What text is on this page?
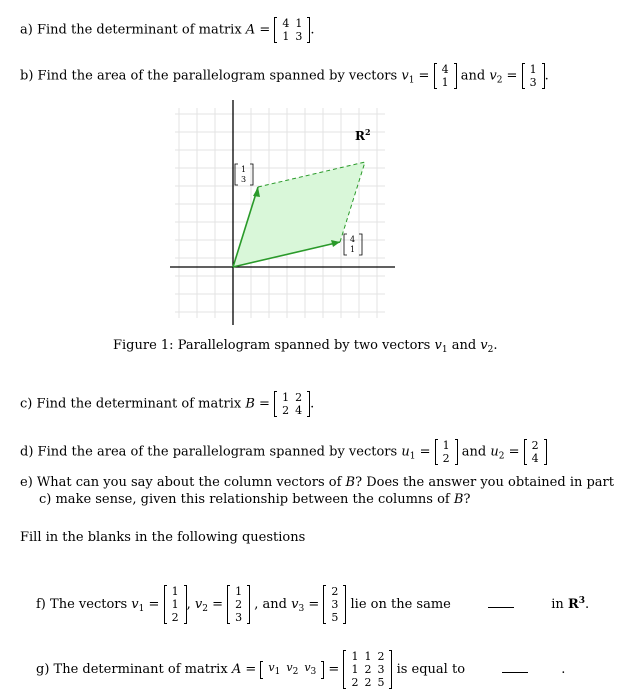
a) Find the determinant of matrix A = 4	1
1	3 .
b) Find the area of the parallelogram spanned by vectors $v_1 = 4$
1 and $v_2 = 1$
3 .
$R^2$
1
3
4
1
Figure 1: Parallelogram spanned by two vectors $v_1$ and $v_2$.
c) Find the determinant of matrix B = 1	2
2	4 .
d) Find the area of the parallelogram spanned by vectors $u_1 = 1$
2 and $u_2 = 2$
4
e) What can you say about the column vectors of B? Does the answer you obtained in part
c) make sense, given this relationship between the columns of B?
Fill in the blanks in the following questions
f) The vectors $v_1$ =
1
1
2
, $v_2$ =
1
2
3
, and $v_3$ =
2
3
5
lie on the same	in $R^3$.
g) The determinant of matrix $A = v_1$	$v_2$	$v_3$ =
1	1	2
1	2	3
2	2	5
is equal to	.
